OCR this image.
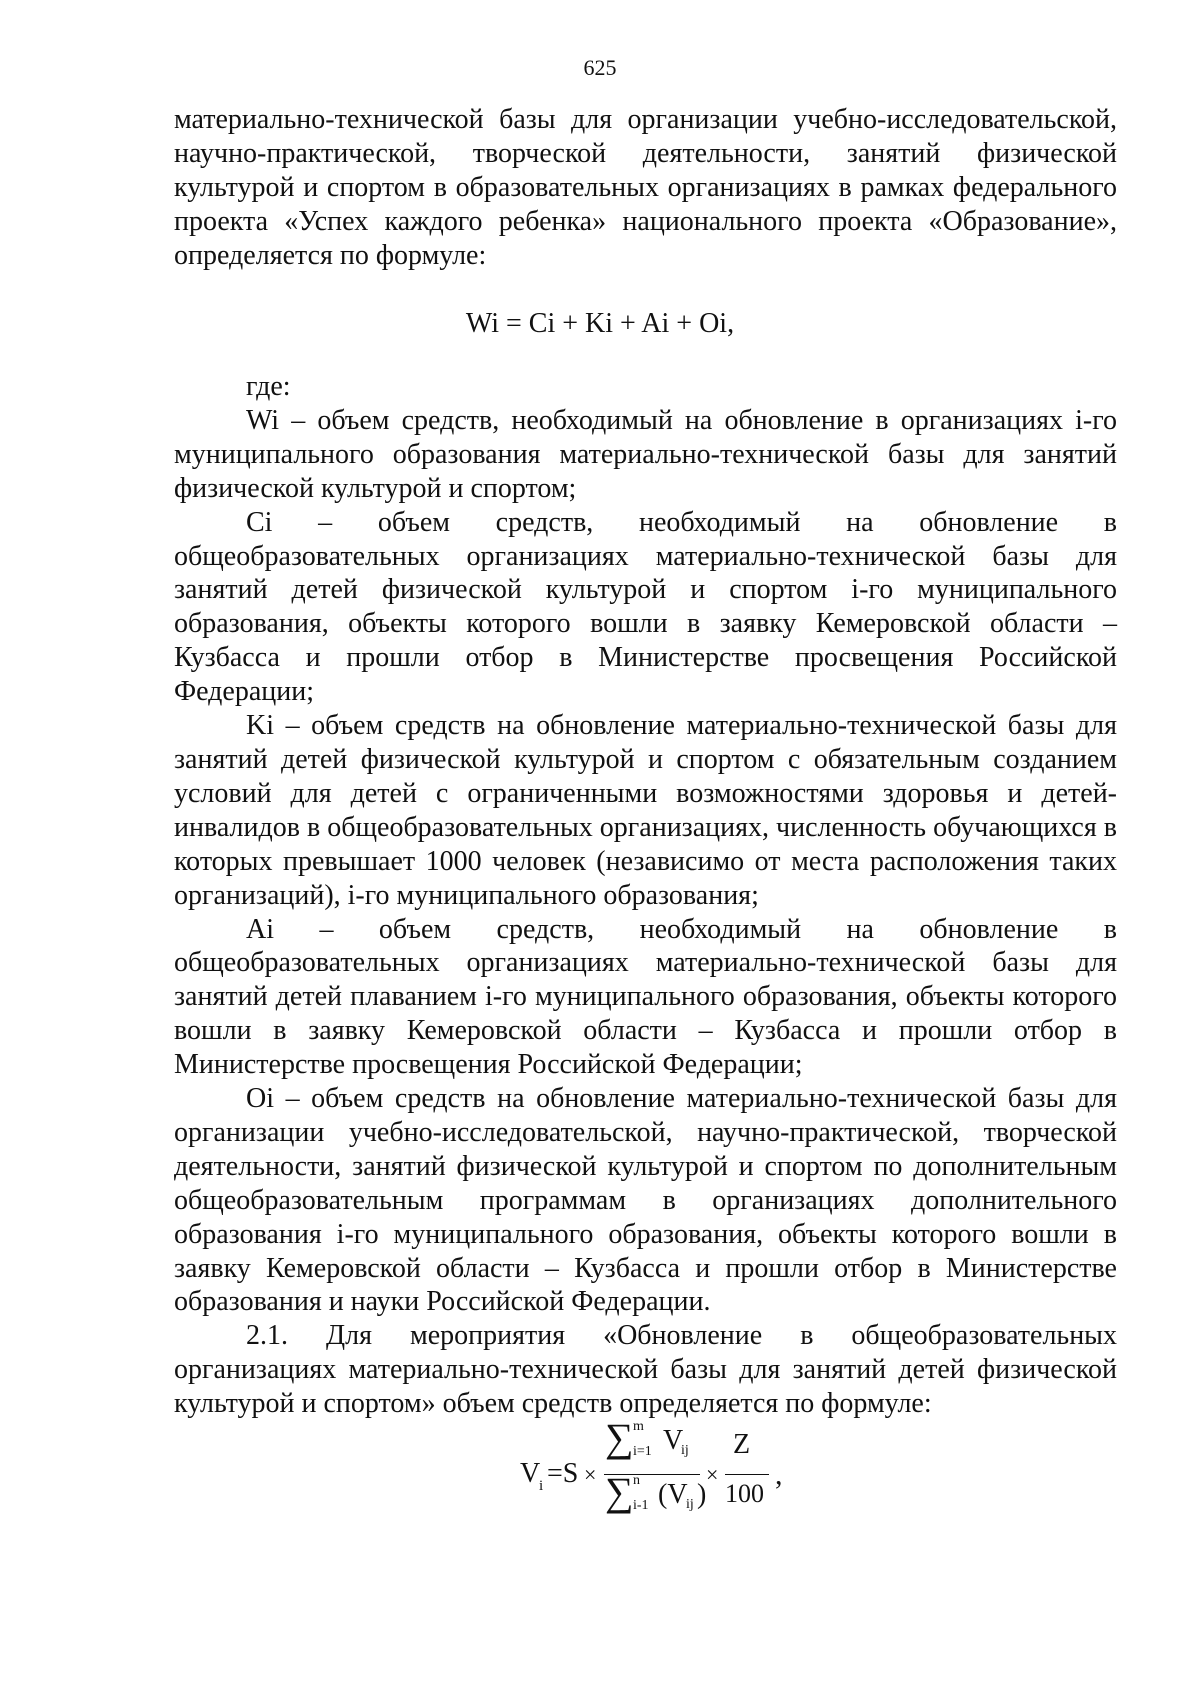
625

материально-технической базы для организации учебно-исследовательской, научно-практической, творческой деятельности, занятий физической культурой и спортом в образовательных организациях в рамках федерального проекта «Успех каждого ребенка» национального проекта «Образование», определяется по формуле:

Wi = Ci + Ki + Ai + Oi,

где:

Wi – объем средств, необходимый на обновление в организациях i-го муниципального образования материально-технической базы для занятий физической культурой и спортом;

Ci – объем средств, необходимый на обновление в общеобразовательных организациях материально-технической базы для занятий детей физической культурой и спортом i-го муниципального образования, объекты которого вошли в заявку Кемеровской области – Кузбасса и прошли отбор в Министерстве просвещения Российской Федерации;

Ki – объем средств на обновление материально-технической базы для занятий детей физической культурой и спортом с обязательным созданием условий для детей с ограниченными возможностями здоровья и детей-инвалидов в общеобразовательных организациях, численность обучающихся в которых превышает 1000 человек (независимо от места расположения таких организаций), i-го муниципального образования;

Ai – объем средств, необходимый на обновление в общеобразовательных организациях материально-технической базы для занятий детей плаванием i-го муниципального образования, объекты которого вошли в заявку Кемеровской области – Кузбасса и прошли отбор в Министерстве просвещения Российской Федерации;

Oi – объем средств на обновление материально-технической базы для организации учебно-исследовательской, научно-практической, творческой деятельности, занятий физической культурой и спортом по дополнительным общеобразовательным программам в организациях дополнительного образования i-го муниципального образования, объекты которого вошли в заявку Кемеровской области – Кузбасса и прошли отбор в Министерстве образования и науки Российской Федерации.

2.1. Для мероприятия «Обновление в общеобразовательных организациях материально-технической базы для занятий детей физической культурой и спортом» объем средств определяется по формуле:

V
i =S ×
∑ m
i=1 V
ij
∑ n
i-1 (V
ij )
×
Z
100
,
